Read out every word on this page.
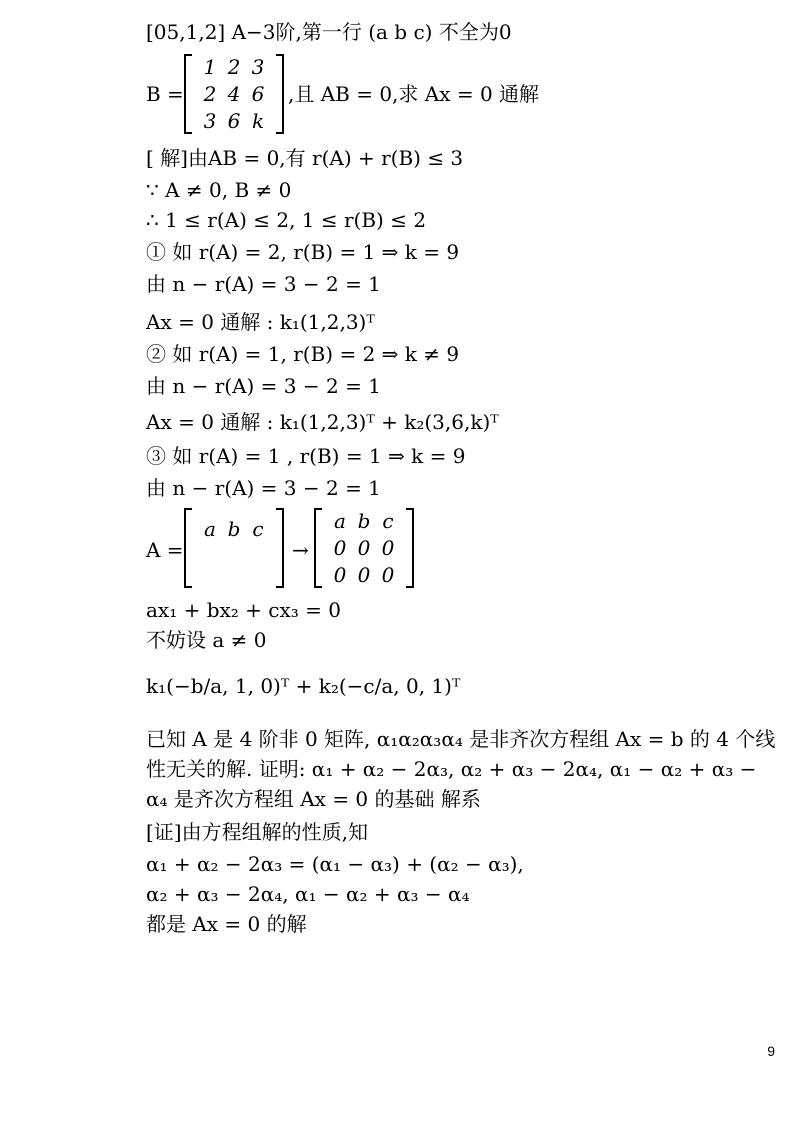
[05,1,2] A−3阶,第一行 (a b c) 不全为0
B =
1 2 3
2 4 6
3 6 k
,且 AB = 0,求 Ax = 0 通解
[ 解]由AB = 0,有 r(A) + r(B) ≤ 3
∵ A ≠ 0, B ≠ 0
∴ 1 ≤ r(A) ≤ 2, 1 ≤ r(B) ≤ 2
① 如 r(A) = 2, r(B) = 1 ⇒ k = 9
由 n − r(A) = 3 − 2 = 1
Ax = 0 通解 : k₁(1,2,3)ᵀ
② 如 r(A) = 1, r(B) = 2 ⇒ k ≠ 9
由 n − r(A) = 3 − 2 = 1
Ax = 0 通解 : k₁(1,2,3)ᵀ + k₂(3,6,k)ᵀ
③ 如 r(A) = 1 , r(B) = 1 ⇒ k = 9
由 n − r(A) = 3 − 2 = 1
A =
a b c
→
a b c
0 0 0
0 0 0
ax₁ + bx₂ + cx₃ = 0
不妨设 a ≠ 0
k₁(−b/a, 1, 0)ᵀ + k₂(−c/a, 0, 1)ᵀ
已知 A 是 4 阶非 0 矩阵, α₁α₂α₃α₄ 是非齐次方程组 Ax = b 的 4 个线性无关的解. 证明: α₁ + α₂ − 2α₃, α₂ + α₃ − 2α₄, α₁ − α₂ + α₃ − α₄ 是齐次方程组 Ax = 0 的基础 解系
[证]由方程组解的性质,知
α₁ + α₂ − 2α₃ = (α₁ − α₃) + (α₂ − α₃),
α₂ + α₃ − 2α₄, α₁ − α₂ + α₃ − α₄
都是 Ax = 0 的解
9
